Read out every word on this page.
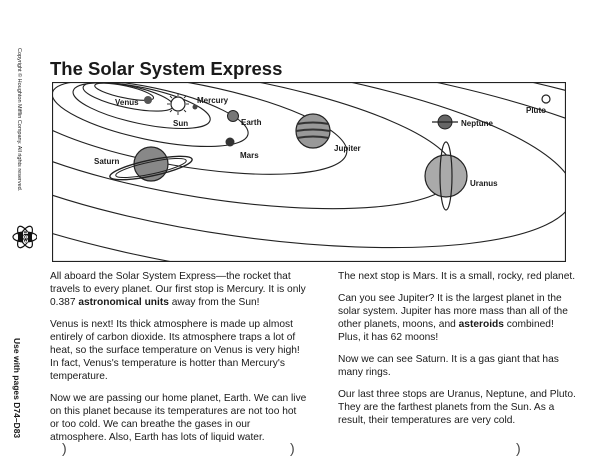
Copyright © Houghton Mifflin Company. All rights reserved.
183
Use with pages D74–D83
The Solar System Express
Venus	Mercury
Sun	Earth
Mars
Jupiter
Saturn
Neptune
Uranus
Pluto

All aboard the Solar System Express—the rocket that travels to every planet. Our first stop is Mercury. It is only 0.387 astronomical units away from the Sun!

Venus is next! Its thick atmosphere is made up almost entirely of carbon dioxide. Its atmosphere traps a lot of heat, so the surface temperature on Venus is very high! In fact, Venus's temperature is hotter than Mercury's temperature.

Now we are passing our home planet, Earth. We can live on this planet because its temperatures are not too hot or too cold. We can breathe the gases in our atmosphere. Also, Earth has lots of liquid water.

The next stop is Mars. It is a small, rocky, red planet.

Can you see Jupiter? It is the largest planet in the solar system. Jupiter has more mass than all of the other planets, moons, and asteroids combined! Plus, it has 62 moons!

Now we can see Saturn. It is a gas giant that has many rings.

Our last three stops are Uranus, Neptune, and Pluto. They are the farthest planets from the Sun. As a result, their temperatures are very cold.

)	)	)
